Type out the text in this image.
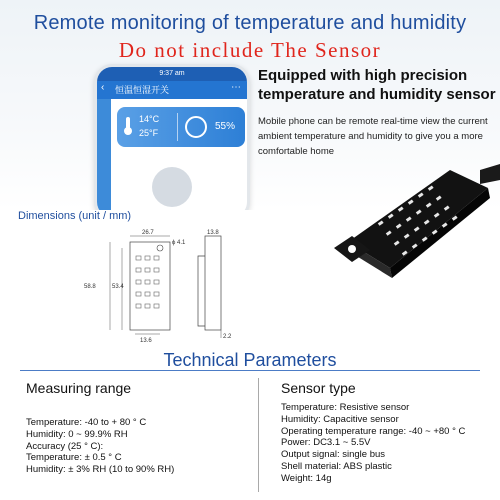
Remote monitoring of temperature and humidity
Do not include The Sensor
9:37 am
‹ 恒温恒湿开关	⋯
14°C
25°F
55%
Equipped with high precision temperature and humidity sensor
Mobile phone can be remote real-time view the current ambient temperature and humidity to give you a more comfortable home
Dimensions (unit / mm)
26.7
ϕ 4.1
58.8	53.4
13.6
13.8
2.2
Technical Parameters
Measuring range
Temperature: -40 to + 80 ° C
Humidity: 0 ~ 99.9% RH
Accuracy (25 ° C):
Temperature: ± 0.5 ° C
Humidity: ± 3% RH (10 to 90% RH)
Sensor type
Temperature: Resistive sensor
Humidity: Capacitive sensor
Operating temperature range: -40 ~ +80 ° C
Power: DC3.1 ~ 5.5V
Output signal: single bus
Shell material: ABS plastic
Weight: 14g
